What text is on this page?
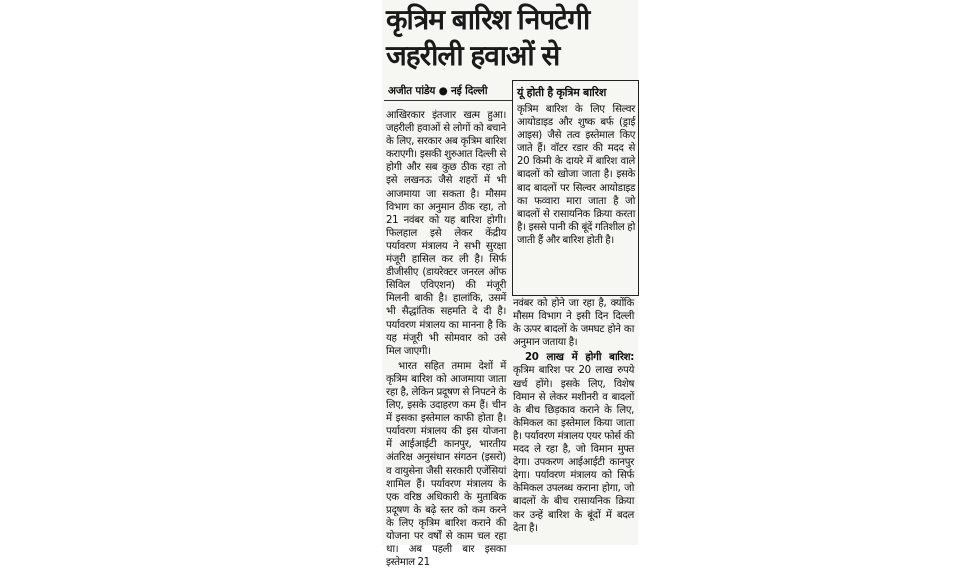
कृत्रिम बारिश निपटेगी जहरीली हवाओं से
अजीत पांडेय ● नई दिल्ली

आखिरकार इंतजार खत्म हुआ। जहरीली हवाओं से लोगों को बचाने के लिए, सरकार अब कृत्रिम बारिश कराएगी। इसकी शुरुआत दिल्ली से होगी और सब कुछ ठीक रहा तो इसे लखनऊ जैसे शहरों में भी आजमाया जा सकता है। मौसम विभाग का अनुमान ठीक रहा, तो 21 नवंबर को यह बारिश होगी। फिलहाल इसे लेकर केंद्रीय पर्यावरण मंत्रालय ने सभी सुरक्षा मंजूरी हासिल कर ली है। सिर्फ डीजीसीए (डायरेक्टर जनरल ऑफ सिविल एविएशन) की मंजूरी मिलनी बाकी है। हालांकि, उसमें भी सैद्धांतिक सहमति दे दी है। पर्यावरण मंत्रालय का मानना है कि यह मंजूरी भी सोमवार को उसे मिल जाएगी।

भारत सहित तमाम देशों में कृत्रिम बारिश को आजमाया जाता रहा है, लेकिन प्रदूषण से निपटने के लिए, इसके उदाहरण कम हैं। चीन में इसका इस्तेमाल काफी होता है। पर्यावरण मंत्रालय की इस योजना में आईआईटी कानपुर, भारतीय अंतरिक्ष अनुसंधान संगठन (इसरो) व वायुसेना जैसी सरकारी एजेंसियां शामिल हैं। पर्यावरण मंत्रालय के एक वरिष्ठ अधिकारी के मुताबिक प्रदूषण के बढ़े स्तर को कम करने के लिए कृत्रिम बारिश कराने की योजना पर वर्षों से काम चल रहा था। अब पहली बार इसका इस्तेमाल 21

यूं होती है कृत्रिम बारिश
कृत्रिम बारिश के लिए सिल्वर आयोडाइड और शुष्क बर्फ (ड्राई आइस) जैसे तत्व इस्तेमाल किए जाते हैं। वॉटर रडार की मदद से 20 किमी के दायरे में बारिश वाले बादलों को खोजा जाता है। इसके बाद बादलों पर सिल्वर आयोडाइड का फव्वारा मारा जाता है जो बादलों से रासायनिक क्रिया करता है। इससे पानी की बूंदें गतिशील हो जाती हैं और बारिश होती है।

नवंबर को होने जा रहा है, क्योंकि मौसम विभाग ने इसी दिन दिल्ली के ऊपर बादलों के जमघट होने का अनुमान जताया है।

20 लाख में होगी बारिश: कृत्रिम बारिश पर 20 लाख रुपये खर्च होंगे। इसके लिए, विशेष विमान से लेकर मशीनरी व बादलों के बीच छिड़काव कराने के लिए, केमिकल का इस्तेमाल किया जाता है। पर्यावरण मंत्रालय एयर फोर्स की मदद ले रहा है, जो विमान मुफ्त देगा। उपकरण आईआईटी कानपुर देगा। पर्यावरण मंत्रालय को सिर्फ केमिकल उपलब्ध कराना होगा, जो बादलों के बीच रासायनिक क्रिया कर उन्हें बारिश के बूंदों में बदल देता है।
